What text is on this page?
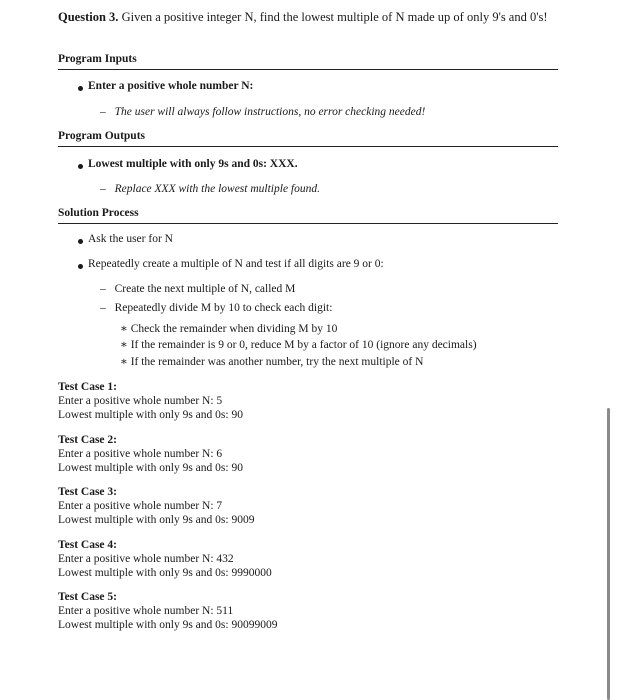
Question 3. Given a positive integer N, find the lowest multiple of N made up of only 9's and 0's!
Program Inputs
Enter a positive whole number N:
– The user will always follow instructions, no error checking needed!
Program Outputs
Lowest multiple with only 9s and 0s: XXX.
– Replace XXX with the lowest multiple found.
Solution Process
Ask the user for N
Repeatedly create a multiple of N and test if all digits are 9 or 0:
– Create the next multiple of N, called M
– Repeatedly divide M by 10 to check each digit:
∗ Check the remainder when dividing M by 10
∗ If the remainder is 9 or 0, reduce M by a factor of 10 (ignore any decimals)
∗ If the remainder was another number, try the next multiple of N
Test Case 1:
Enter a positive whole number N: 5
Lowest multiple with only 9s and 0s: 90
Test Case 2:
Enter a positive whole number N: 6
Lowest multiple with only 9s and 0s: 90
Test Case 3:
Enter a positive whole number N: 7
Lowest multiple with only 9s and 0s: 9009
Test Case 4:
Enter a positive whole number N: 432
Lowest multiple with only 9s and 0s: 9990000
Test Case 5:
Enter a positive whole number N: 511
Lowest multiple with only 9s and 0s: 90099009
